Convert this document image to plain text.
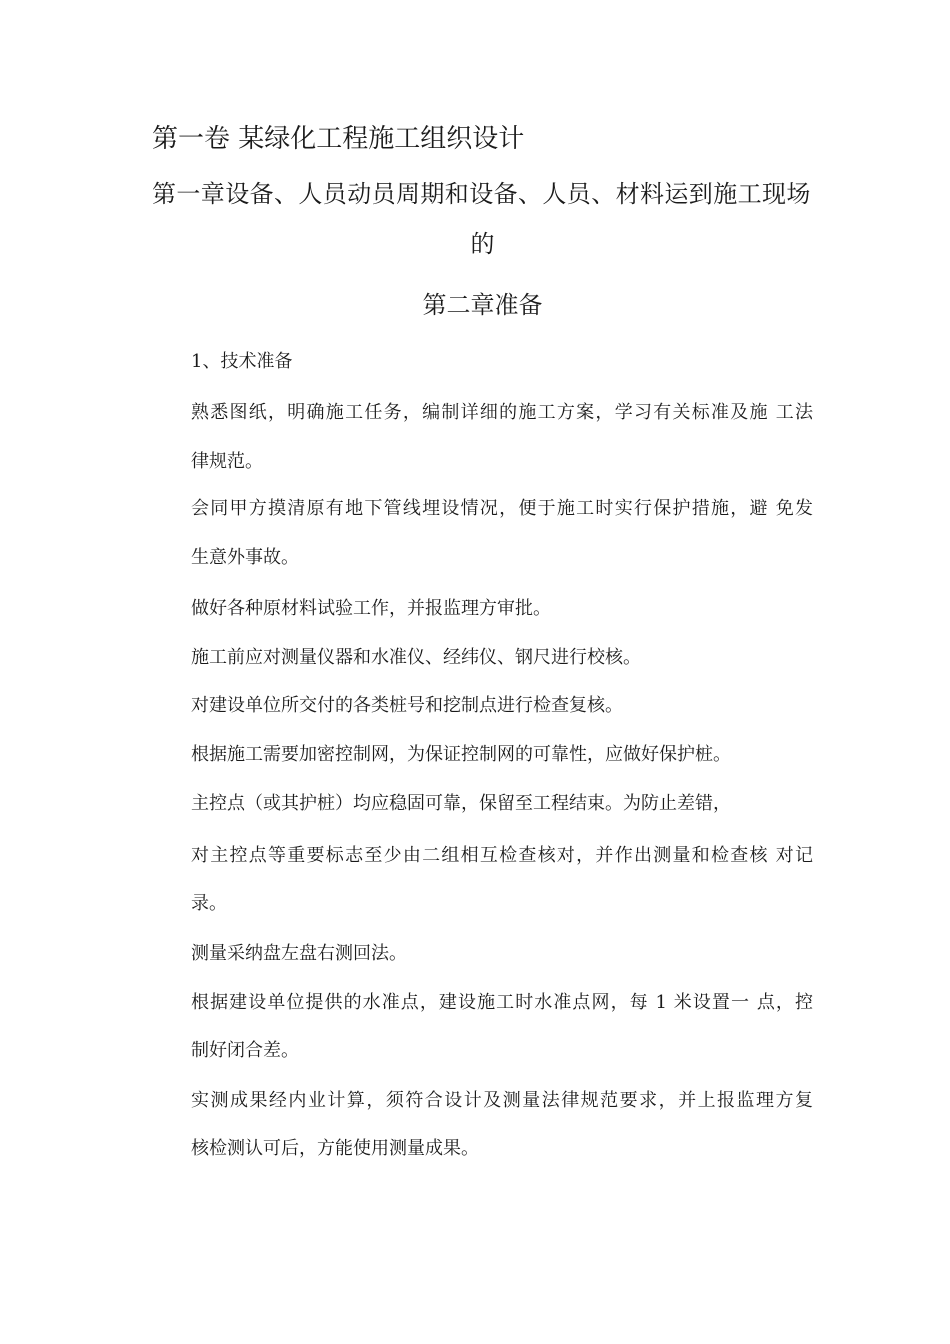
第一卷 某绿化工程施工组织设计
第一章设备、人员动员周期和设备、人员、材料运到施工现场
的
第二章准备
1、技术准备
熟悉图纸，明确施工任务，编制详细的施工方案，学习有关标准及施 工法
律规范。
会同甲方摸清原有地下管线埋设情况，便于施工时实行保护措施，避 免发
生意外事故。
做好各种原材料试验工作，并报监理方审批。
施工前应对测量仪器和水准仪、经纬仪、钢尺进行校核。
对建设单位所交付的各类桩号和挖制点进行检查复核。
根据施工需要加密控制网，为保证控制网的可靠性，应做好保护桩。
主控点（或其护桩）均应稳固可靠，保留至工程结束。为防止差错，
对主控点等重要标志至少由二组相互检查核对，并作出测量和检查核 对记
录。
测量采纳盘左盘右测回法。
根据建设单位提供的水准点，建设施工时水准点网，每 1 米设置一 点，控
制好闭合差。
实测成果经内业计算，须符合设计及测量法律规范要求，并上报监理方复
核检测认可后，方能使用测量成果。
